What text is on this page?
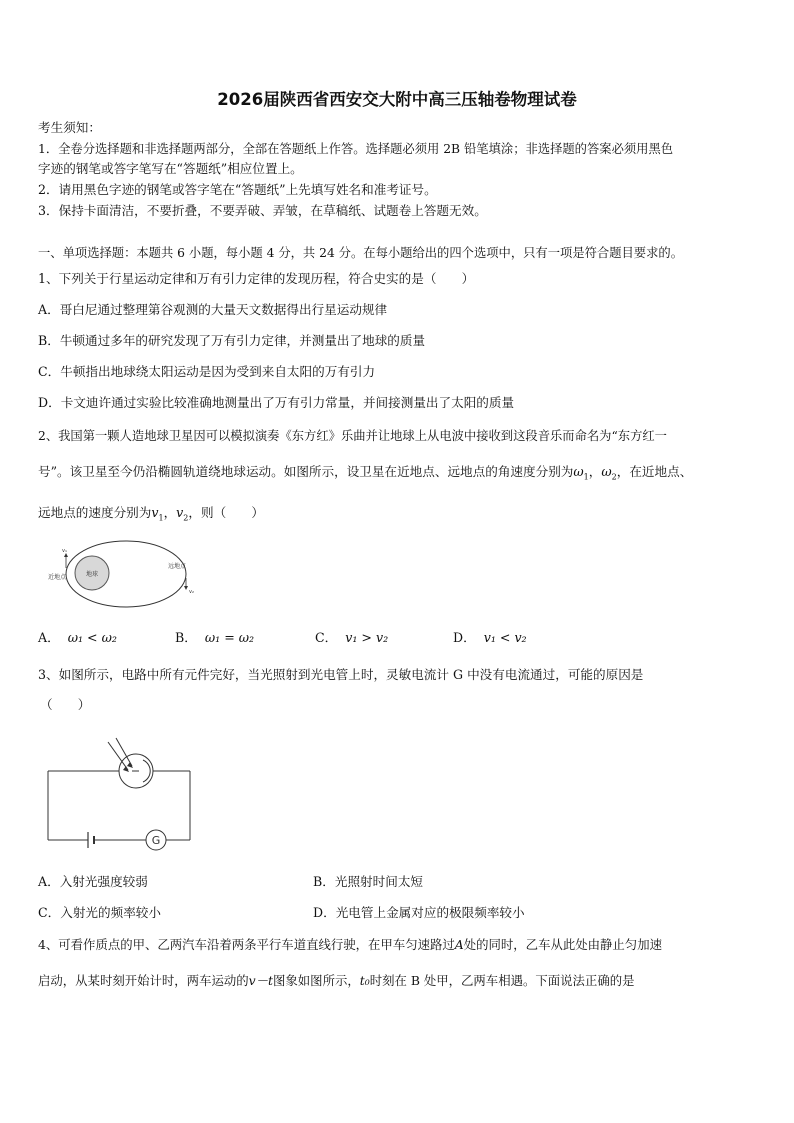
2026届陕西省西安交大附中高三压轴卷物理试卷
考生须知：
1．全卷分选择题和非选择题两部分，全部在答题纸上作答。选择题必须用 2B 铅笔填涂；非选择题的答案必须用黑色
字迹的钢笔或答字笔写在“答题纸”相应位置上。
2．请用黑色字迹的钢笔或答字笔在“答题纸”上先填写姓名和准考证号。
3．保持卡面清洁，不要折叠，不要弄破、弄皱，在草稿纸、试题卷上答题无效。
一、单项选择题：本题共 6 小题，每小题 4 分，共 24 分。在每小题给出的四个选项中，只有一项是符合题目要求的。
1、下列关于行星运动定律和万有引力定律的发现历程，符合史实的是（　　）
A．哥白尼通过整理第谷观测的大量天文数据得出行星运动规律
B．牛顿通过多年的研究发现了万有引力定律，并测量出了地球的质量
C．牛顿指出地球绕太阳运动是因为受到来自太阳的万有引力
D．卡文迪许通过实验比较准确地测量出了万有引力常量，并间接测量出了太阳的质量
2、我国第一颗人造地球卫星因可以模拟演奏《东方红》乐曲并让地球上从电波中接收到这段音乐而命名为“东方红一
号”。该卫星至今仍沿椭圆轨道绕地球运动。如图所示，设卫星在近地点、远地点的角速度分别为$\omega_1$，$\omega_2$，在近地点、
远地点的速度分别为$v_1$，$v_2$，则（　　）
地球
近地点
远地点
v₁
v₂
A． ω₁ < ω₂	B． ω₁ = ω₂	C． v₁ > v₂	D． v₁ < v₂
3、如图所示，电路中所有元件完好，当光照射到光电管上时，灵敏电流计 G 中没有电流通过，可能的原因是
（　　）
G
A．入射光强度较弱	B．光照射时间太短
C．入射光的频率较小	D．光电管上金属对应的极限频率较小
4、可看作质点的甲、乙两汽车沿着两条平行车道直线行驶，在甲车匀速路过A处的同时，乙车从此处由静止匀加速
启动，从某时刻开始计时，两车运动的v－t图象如图所示，t₀时刻在 B 处甲，乙两车相遇。下面说法正确的是
